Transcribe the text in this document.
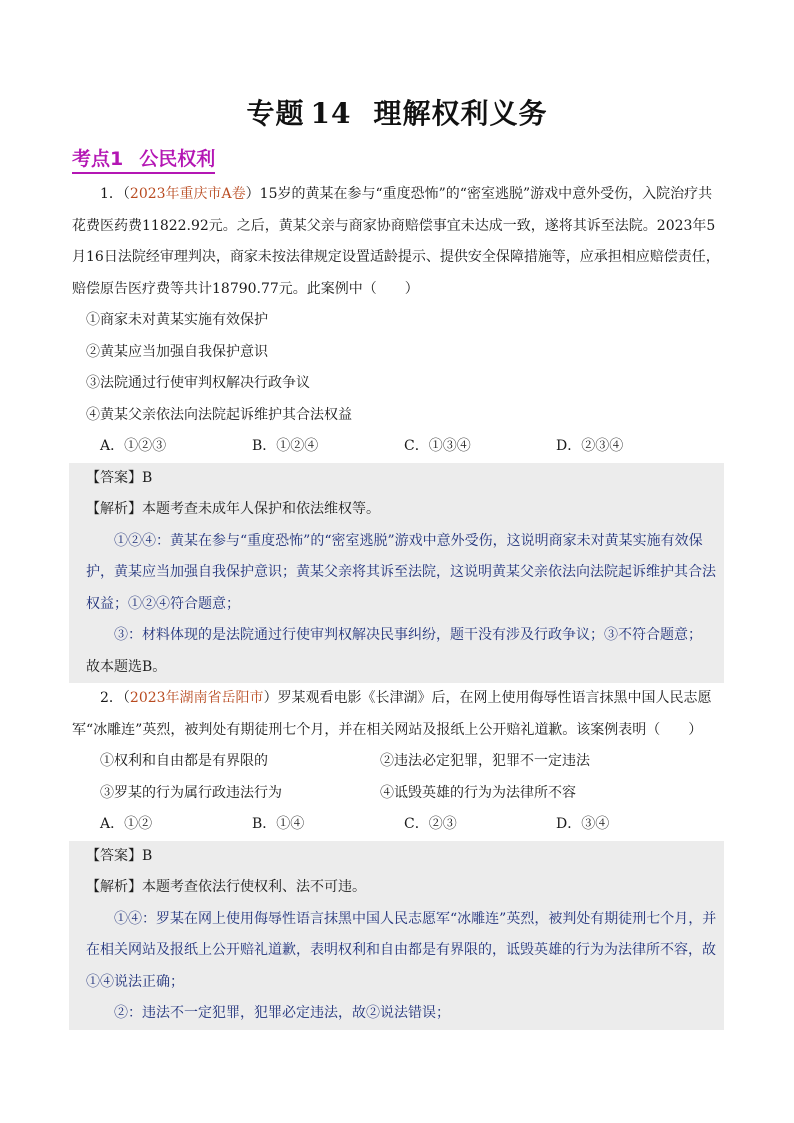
专题 14 理解权利义务
考点1 公民权利

1．（2023年重庆市A卷）15岁的黄某在参与“重度恐怖”的“密室逃脱”游戏中意外受伤，入院治疗共花费医药费11822.92元。之后，黄某父亲与商家协商赔偿事宜未达成一致，遂将其诉至法院。2023年5月16日法院经审理判决，商家未按法律规定设置适龄提示、提供安全保障措施等，应承担相应赔偿责任，赔偿原告医疗费等共计18790.77元。此案例中（　　）

①商家未对黄某实施有效保护

②黄某应当加强自我保护意识

③法院通过行使审判权解决行政争议

④黄某父亲依法向法院起诉维护其合法权益

A．①②③	B．①②④	C．①③④	D．②③④

【答案】B

【解析】本题考查未成年人保护和依法维权等。

①②④：黄某在参与“重度恐怖”的“密室逃脱”游戏中意外受伤，这说明商家未对黄某实施有效保护，黄某应当加强自我保护意识；黄某父亲将其诉至法院，这说明黄某父亲依法向法院起诉维护其合法权益；①②④符合题意；

③：材料体现的是法院通过行使审判权解决民事纠纷，题干没有涉及行政争议；③不符合题意；

故本题选B。

2．（2023年湖南省岳阳市）罗某观看电影《长津湖》后，在网上使用侮辱性语言抹黑中国人民志愿军“冰雕连”英烈，被判处有期徒刑七个月，并在相关网站及报纸上公开赔礼道歉。该案例表明（　　）

①权利和自由都是有界限的	②违法必定犯罪，犯罪不一定违法
③罗某的行为属行政违法行为	④诋毁英雄的行为为法律所不容
A．①②	B．①④	C．②③	D．③④

【答案】B

【解析】本题考查依法行使权利、法不可违。

①④：罗某在网上使用侮辱性语言抹黑中国人民志愿军“冰雕连”英烈，被判处有期徒刑七个月，并在相关网站及报纸上公开赔礼道歉，表明权利和自由都是有界限的，诋毁英雄的行为为法律所不容，故①④说法正确；

②：违法不一定犯罪，犯罪必定违法，故②说法错误；
